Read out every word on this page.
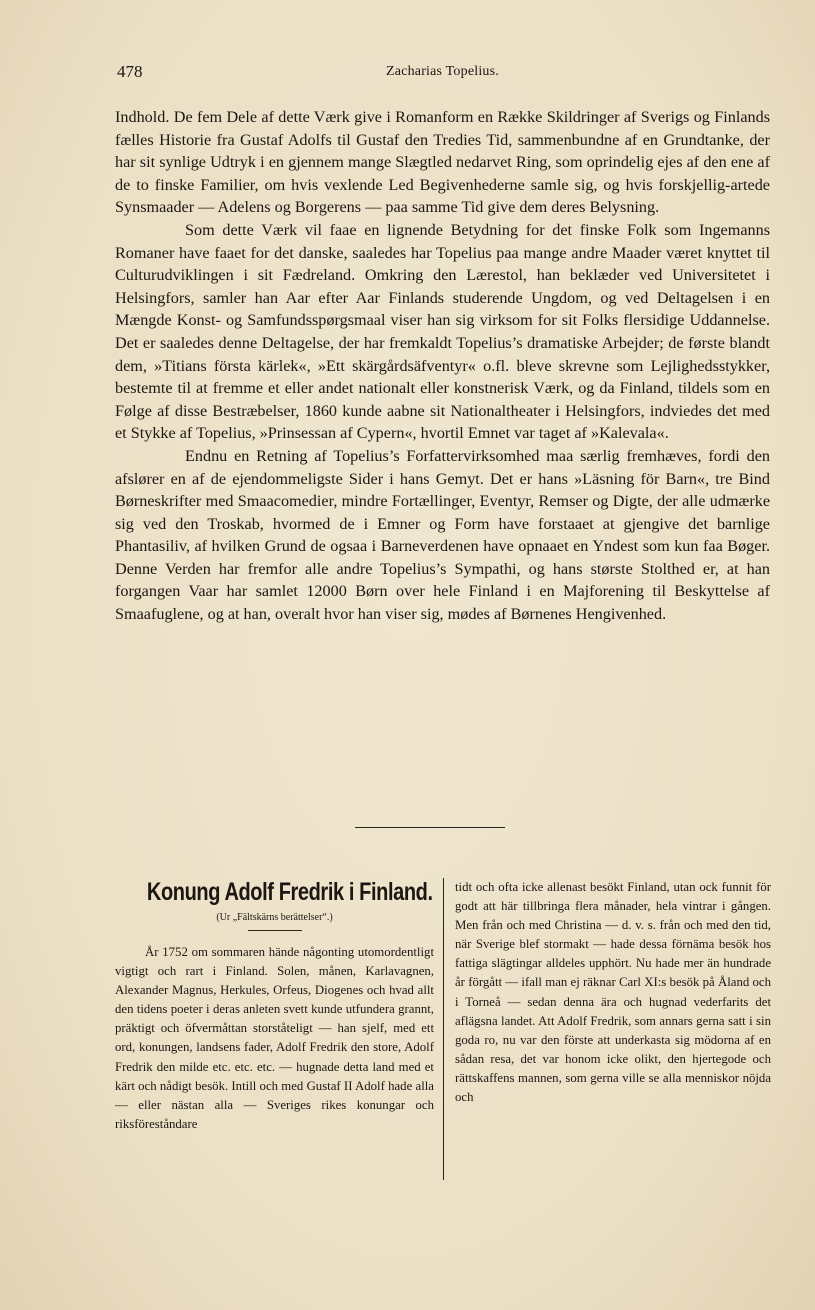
478	Zacharias Topelius.

Indhold. De fem Dele af dette Værk give i Romanform en Række Skildringer af Sverigs og Finlands fælles Historie fra Gustaf Adolfs til Gustaf den Tredies Tid, sammenbundne af en Grundtanke, der har sit synlige Udtryk i en gjennem mange Slægtled nedarvet Ring, som oprindelig ejes af den ene af de to finske Familier, om hvis vexlende Led Begivenhederne samle sig, og hvis forskjellig-artede Synsmaader — Adelens og Borgerens — paa samme Tid give dem deres Belysning.

Som dette Værk vil faae en lignende Betydning for det finske Folk som Ingemanns Romaner have faaet for det danske, saaledes har Topelius paa mange andre Maader været knyttet til Culturudviklingen i sit Fædreland. Omkring den Lærestol, han beklæder ved Universitetet i Helsingfors, samler han Aar efter Aar Finlands studerende Ungdom, og ved Deltagelsen i en Mængde Konst- og Samfundsspørgsmaal viser han sig virksom for sit Folks flersidige Uddannelse. Det er saaledes denne Deltagelse, der har fremkaldt Topelius’s dramatiske Arbejder; de første blandt dem, »Titians första kärlek«, »Ett skärgårdsäfventyr« o.fl. bleve skrevne som Lejlighedsstykker, bestemte til at fremme et eller andet nationalt eller konstnerisk Værk, og da Finland, tildels som en Følge af disse Bestræbelser, 1860 kunde aabne sit Nationaltheater i Helsingfors, indviedes det med et Stykke af Topelius, »Prinsessan af Cypern«, hvortil Emnet var taget af »Kalevala«.

Endnu en Retning af Topelius’s Forfattervirksomhed maa særlig fremhæves, fordi den afslører en af de ejendommeligste Sider i hans Gemyt. Det er hans »Läsning för Barn«, tre Bind Børneskrifter med Smaacomedier, mindre Fortællinger, Eventyr, Remser og Digte, der alle udmærke sig ved den Troskab, hvormed de i Emner og Form have forstaaet at gjengive det barnlige Phantasiliv, af hvilken Grund de ogsaa i Barneverdenen have opnaaet en Yndest som kun faa Bøger. Denne Verden har fremfor alle andre Topelius’s Sympathi, og hans største Stolthed er, at han forgangen Vaar har samlet 12000 Børn over hele Finland i en Majforening til Beskyttelse af Smaafuglene, og at han, overalt hvor han viser sig, mødes af Børnenes Hengivenhed.

Konung Adolf Fredrik i Finland.
(Ur „Fältskärns berättelser“.)

År 1752 om sommaren hände någonting utomordentligt vigtigt och rart i Finland. Solen, månen, Karlavagnen, Alexander Magnus, Herkules, Orfeus, Diogenes och hvad allt den tidens poeter i deras anleten svett kunde utfundera grannt, präktigt och öfvermåttan storståteligt — han sjelf, med ett ord, konungen, landsens fader, Adolf Fredrik den store, Adolf Fredrik den milde etc. etc. etc. — hugnade detta land med et kärt och nådigt besök. Intill och med Gustaf II Adolf hade alla — eller nästan alla — Sveriges rikes konungar och riksföreståndare

tidt och ofta icke allenast besökt Finland, utan ock funnit för godt att här tillbringa flera månader, hela vintrar i gången. Men från och med Christina — d. v. s. från och med den tid, när Sverige blef stormakt — hade dessa förnäma besök hos fattiga slägtingar alldeles upphört. Nu hade mer än hundrade år förgått — ifall man ej räknar Carl XI:s besök på Åland och i Torneå — sedan denna ära och hugnad vederfarits det aflägsna landet. Att Adolf Fredrik, som annars gerna satt i sin goda ro, nu var den förste att underkasta sig mödorna af en sådan resa, det var honom icke olikt, den hjertegode och rättskaffens mannen, som gerna ville se alla menniskor nöjda och
